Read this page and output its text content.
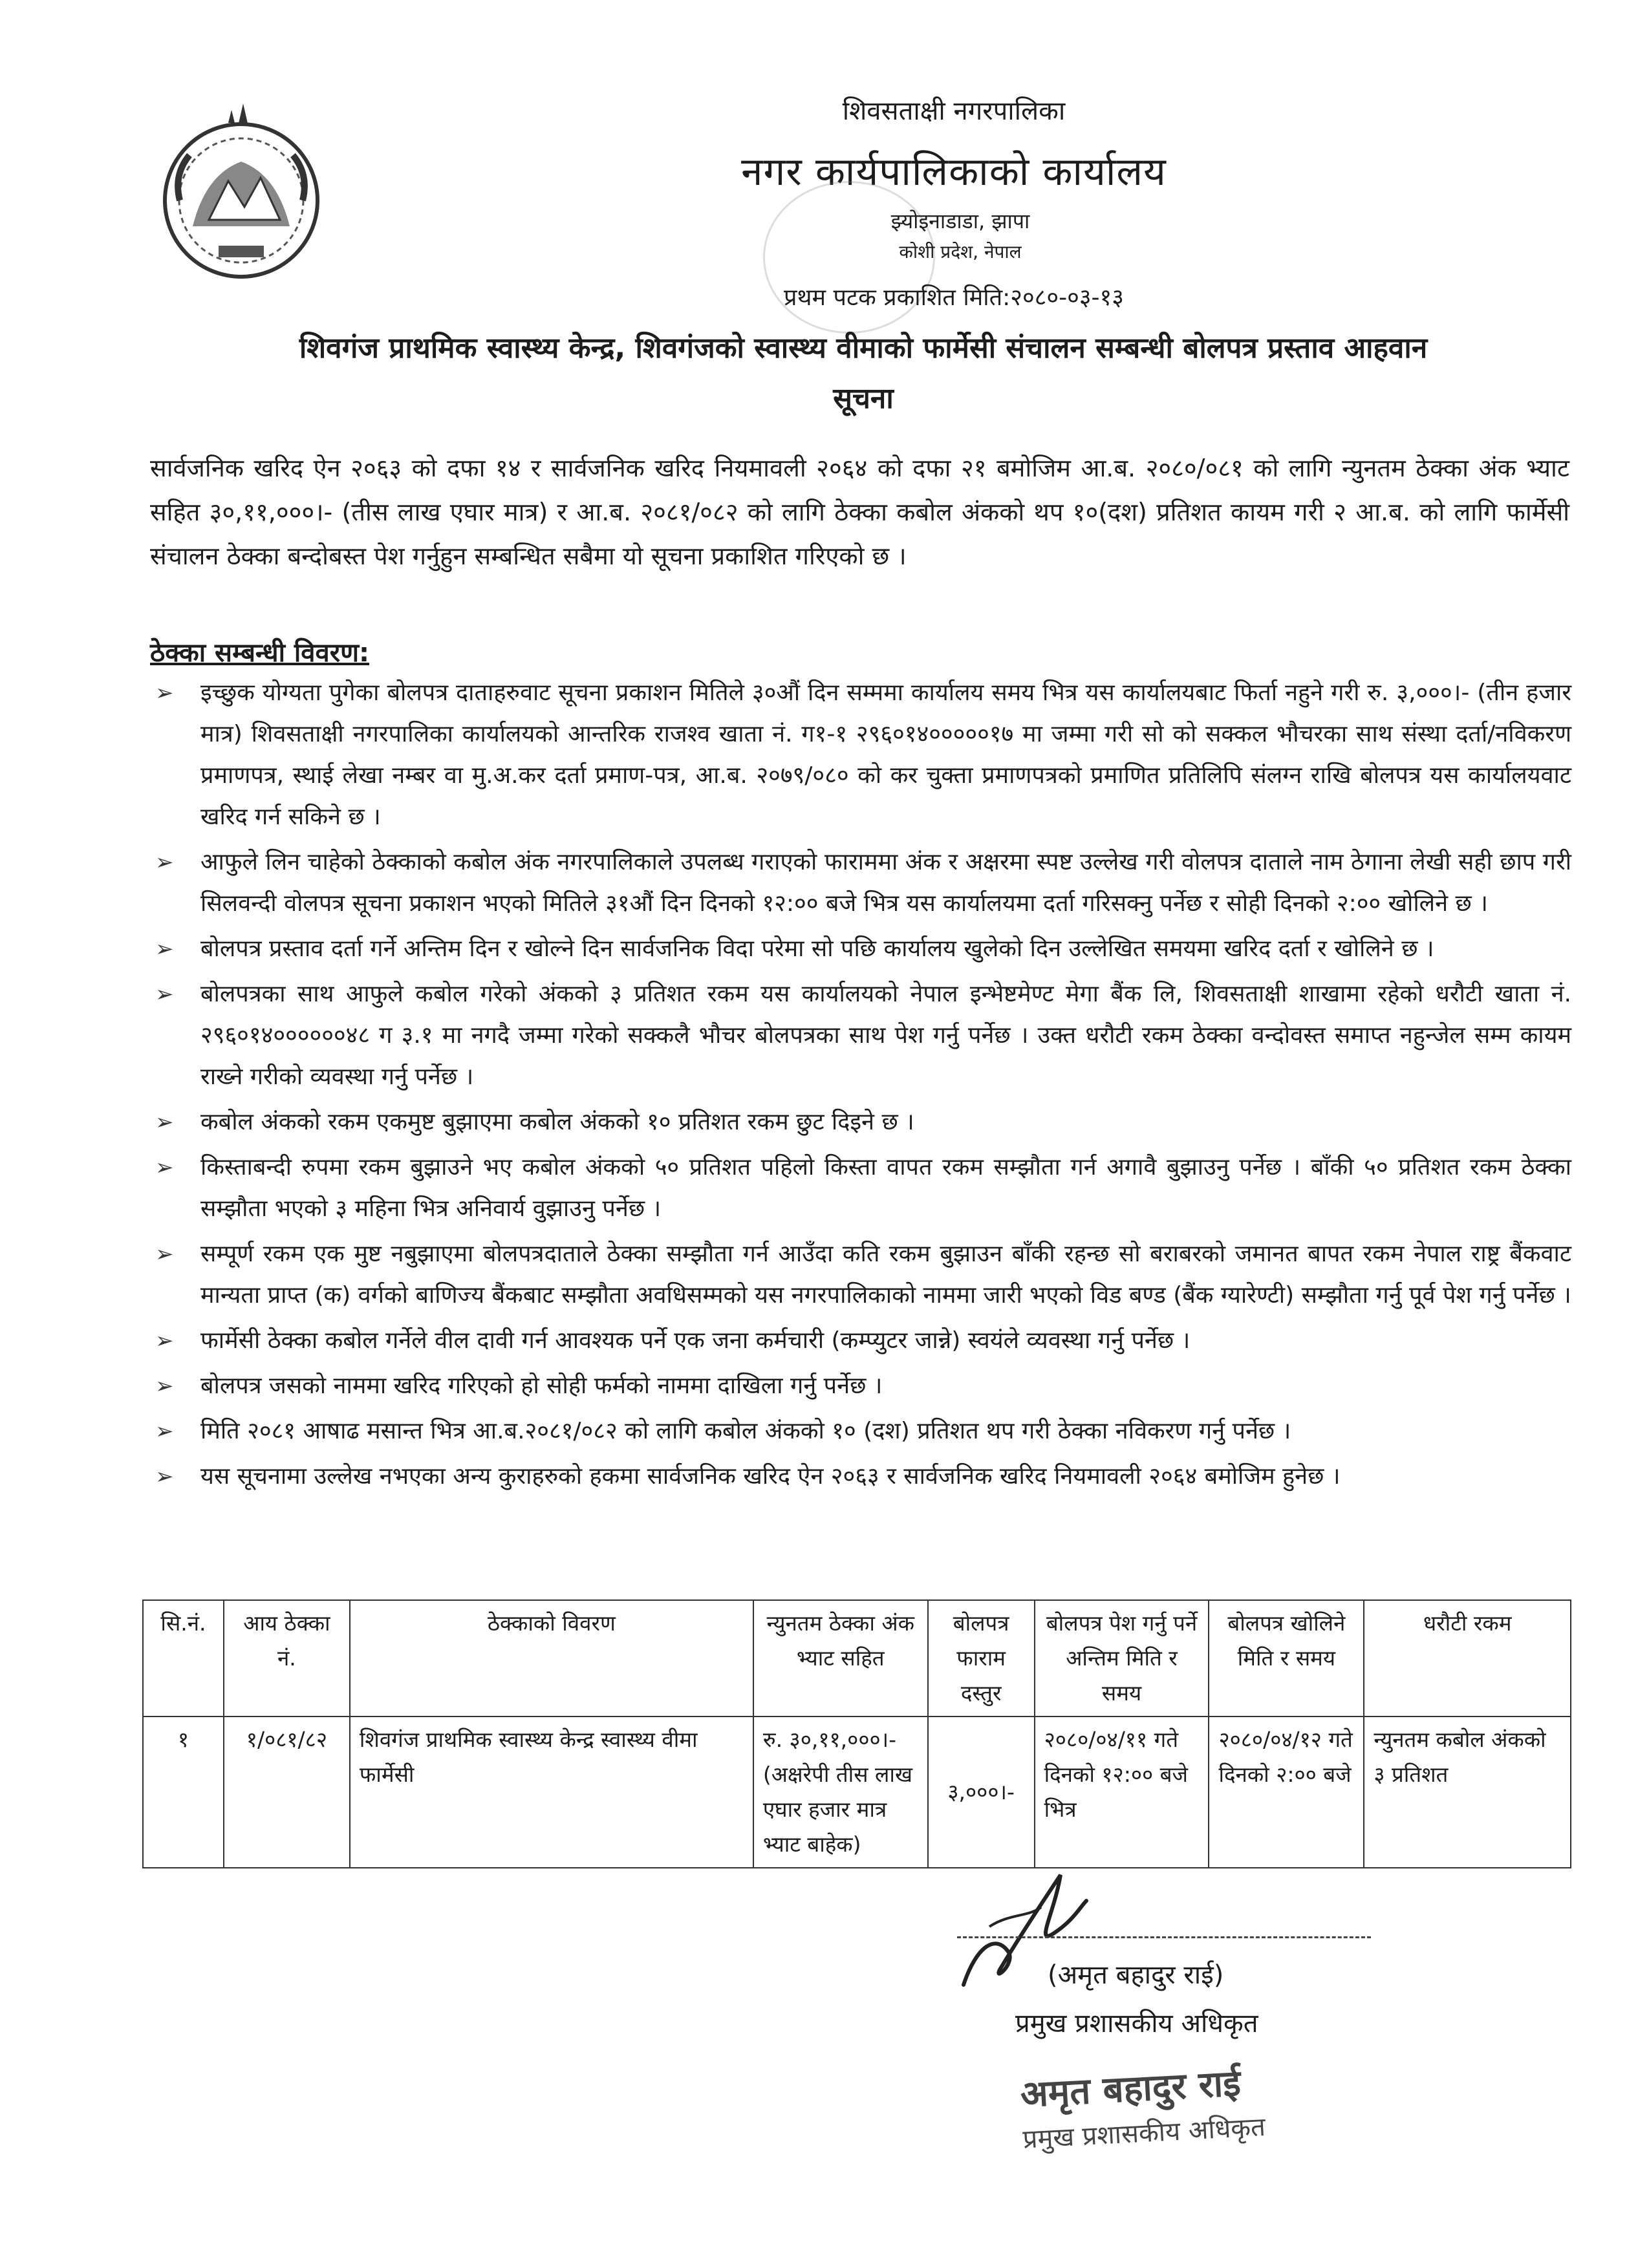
शिवसताक्षी नगरपालिका
नगर कार्यपालिकाको कार्यालय
झ्योइनाडाडा, झापा
कोशी प्रदेश, नेपाल
प्रथम पटक प्रकाशित मिति:२०८०-०३-१३
शिवगंज प्राथमिक स्वास्थ्य केन्द्र, शिवगंजको स्वास्थ्य वीमाको फार्मेसी संचालन सम्बन्धी बोलपत्र प्रस्ताव आहवान
सूचना
सार्वजनिक खरिद ऐन २०६३ को दफा १४ र सार्वजनिक खरिद नियमावली २०६४ को दफा २१ बमोजिम आ.ब. २०८०/०८१ को लागि न्युनतम ठेक्का अंक भ्याट सहित ३०,११,०००।- (तीस लाख एघार मात्र) र आ.ब. २०८१/०८२ को लागि ठेक्का कबोल अंकको थप १०(दश) प्रतिशत कायम गरी २ आ.ब. को लागि फार्मेसी संचालन ठेक्का बन्दोबस्त पेश गर्नुहुन सम्बन्धित सबैमा यो सूचना प्रकाशित गरिएको छ ।
ठेक्का सम्बन्धी विवरण:
➢ इच्छुक योग्यता पुगेका बोलपत्र दाताहरुवाट सूचना प्रकाशन मितिले ३०औं दिन सम्ममा कार्यालय समय भित्र यस कार्यालयबाट फिर्ता नहुने गरी रु. ३,०००।- (तीन हजार मात्र) शिवसताक्षी नगरपालिका कार्यालयको आन्तरिक राजश्व खाता नं. ग१-१ २९६०१४०००००१७ मा जम्मा गरी सो को सक्कल भौचरका साथ संस्था दर्ता/नविकरण प्रमाणपत्र, स्थाई लेखा नम्बर वा मु.अ.कर दर्ता प्रमाण-पत्र, आ.ब. २०७९/०८० को कर चुक्ता प्रमाणपत्रको प्रमाणित प्रतिलिपि संलग्न राखि बोलपत्र यस कार्यालयवाट खरिद गर्न सकिने छ ।
➢ आफुले लिन चाहेको ठेक्काको कबोल अंक नगरपालिकाले उपलब्ध गराएको फाराममा अंक र अक्षरमा स्पष्ट उल्लेख गरी वोलपत्र दाताले नाम ठेगाना लेखी सही छाप गरी सिलवन्दी वोलपत्र सूचना प्रकाशन भएको मितिले ३१औं दिन दिनको १२:०० बजे भित्र यस कार्यालयमा दर्ता गरिसक्नु पर्नेछ र सोही दिनको २:०० खोलिने छ ।
➢ बोलपत्र प्रस्ताव दर्ता गर्ने अन्तिम दिन र खोल्ने दिन सार्वजनिक विदा परेमा सो पछि कार्यालय खुलेको दिन उल्लेखित समयमा खरिद दर्ता र खोलिने छ ।
➢ बोलपत्रका साथ आफुले कबोल गरेको अंकको ३ प्रतिशत रकम यस कार्यालयको नेपाल इन्भेष्टमेण्ट मेगा बैंक लि, शिवसताक्षी शाखामा रहेको धरौटी खाता नं. २९६०१४००००००४८ ग ३.१ मा नगदै जम्मा गरेको सक्कलै भौचर बोलपत्रका साथ पेश गर्नु पर्नेछ । उक्त धरौटी रकम ठेक्का वन्दोवस्त समाप्त नहुन्जेल सम्म कायम राख्ने गरीको व्यवस्था गर्नु पर्नेछ ।
➢ कबोल अंकको रकम एकमुष्ट बुझाएमा कबोल अंकको १० प्रतिशत रकम छुट दिइने छ ।
➢ किस्ताबन्दी रुपमा रकम बुझाउने भए कबोल अंकको ५० प्रतिशत पहिलो किस्ता वापत रकम सम्झौता गर्न अगावै बुझाउनु पर्नेछ । बाँकी ५० प्रतिशत रकम ठेक्का सम्झौता भएको ३ महिना भित्र अनिवार्य वुझाउनु पर्नेछ ।
➢ सम्पूर्ण रकम एक मुष्ट नबुझाएमा बोलपत्रदाताले ठेक्का सम्झौता गर्न आउँदा कति रकम बुझाउन बाँकी रहन्छ सो बराबरको जमानत बापत रकम नेपाल राष्ट्र बैंकवाट मान्यता प्राप्त (क) वर्गको बाणिज्य बैंकबाट सम्झौता अवधिसम्मको यस नगरपालिकाको नाममा जारी भएको विड बण्ड (बैंक ग्यारेण्टी) सम्झौता गर्नु पूर्व पेश गर्नु पर्नेछ ।
➢ फार्मेसी ठेक्का कबोल गर्नेले वील दावी गर्न आवश्यक पर्ने एक जना कर्मचारी (कम्प्युटर जान्ने) स्वयंले व्यवस्था गर्नु पर्नेछ ।
➢ बोलपत्र जसको नाममा खरिद गरिएको हो सोही फर्मको नाममा दाखिला गर्नु पर्नेछ ।
➢ मिति २०८१ आषाढ मसान्त भित्र आ.ब.२०८१/०८२ को लागि कबोल अंकको १० (दश) प्रतिशत थप गरी ठेक्का नविकरण गर्नु पर्नेछ ।
➢ यस सूचनामा उल्लेख नभएका अन्य कुराहरुको हकमा सार्वजनिक खरिद ऐन २०६३ र सार्वजनिक खरिद नियमावली २०६४ बमोजिम हुनेछ ।
सि.नं.	आय ठेक्का नं.	ठेक्काको विवरण	न्युनतम ठेक्का अंक भ्याट सहित	बोलपत्र फाराम दस्तुर	बोलपत्र पेश गर्नु पर्ने अन्तिम मिति र समय	बोलपत्र खोलिने मिति र समय	धरौटी रकम
१	१/०८१/८२	शिवगंज प्राथमिक स्वास्थ्य केन्द्र स्वास्थ्य वीमा फार्मेसी	रु. ३०,११,०००।- (अक्षरेपी तीस लाख एघार हजार मात्र भ्याट बाहेक)	३,०००।-	२०८०/०४/११ गते दिनको १२:०० बजे भित्र	२०८०/०४/१२ गते दिनको २:०० बजे	न्युनतम कबोल अंकको ३ प्रतिशत
(अमृत बहादुर राई)
प्रमुख प्रशासकीय अधिकृत
अमृत बहादुर राई
प्रमुख प्रशासकीय अधिकृत
